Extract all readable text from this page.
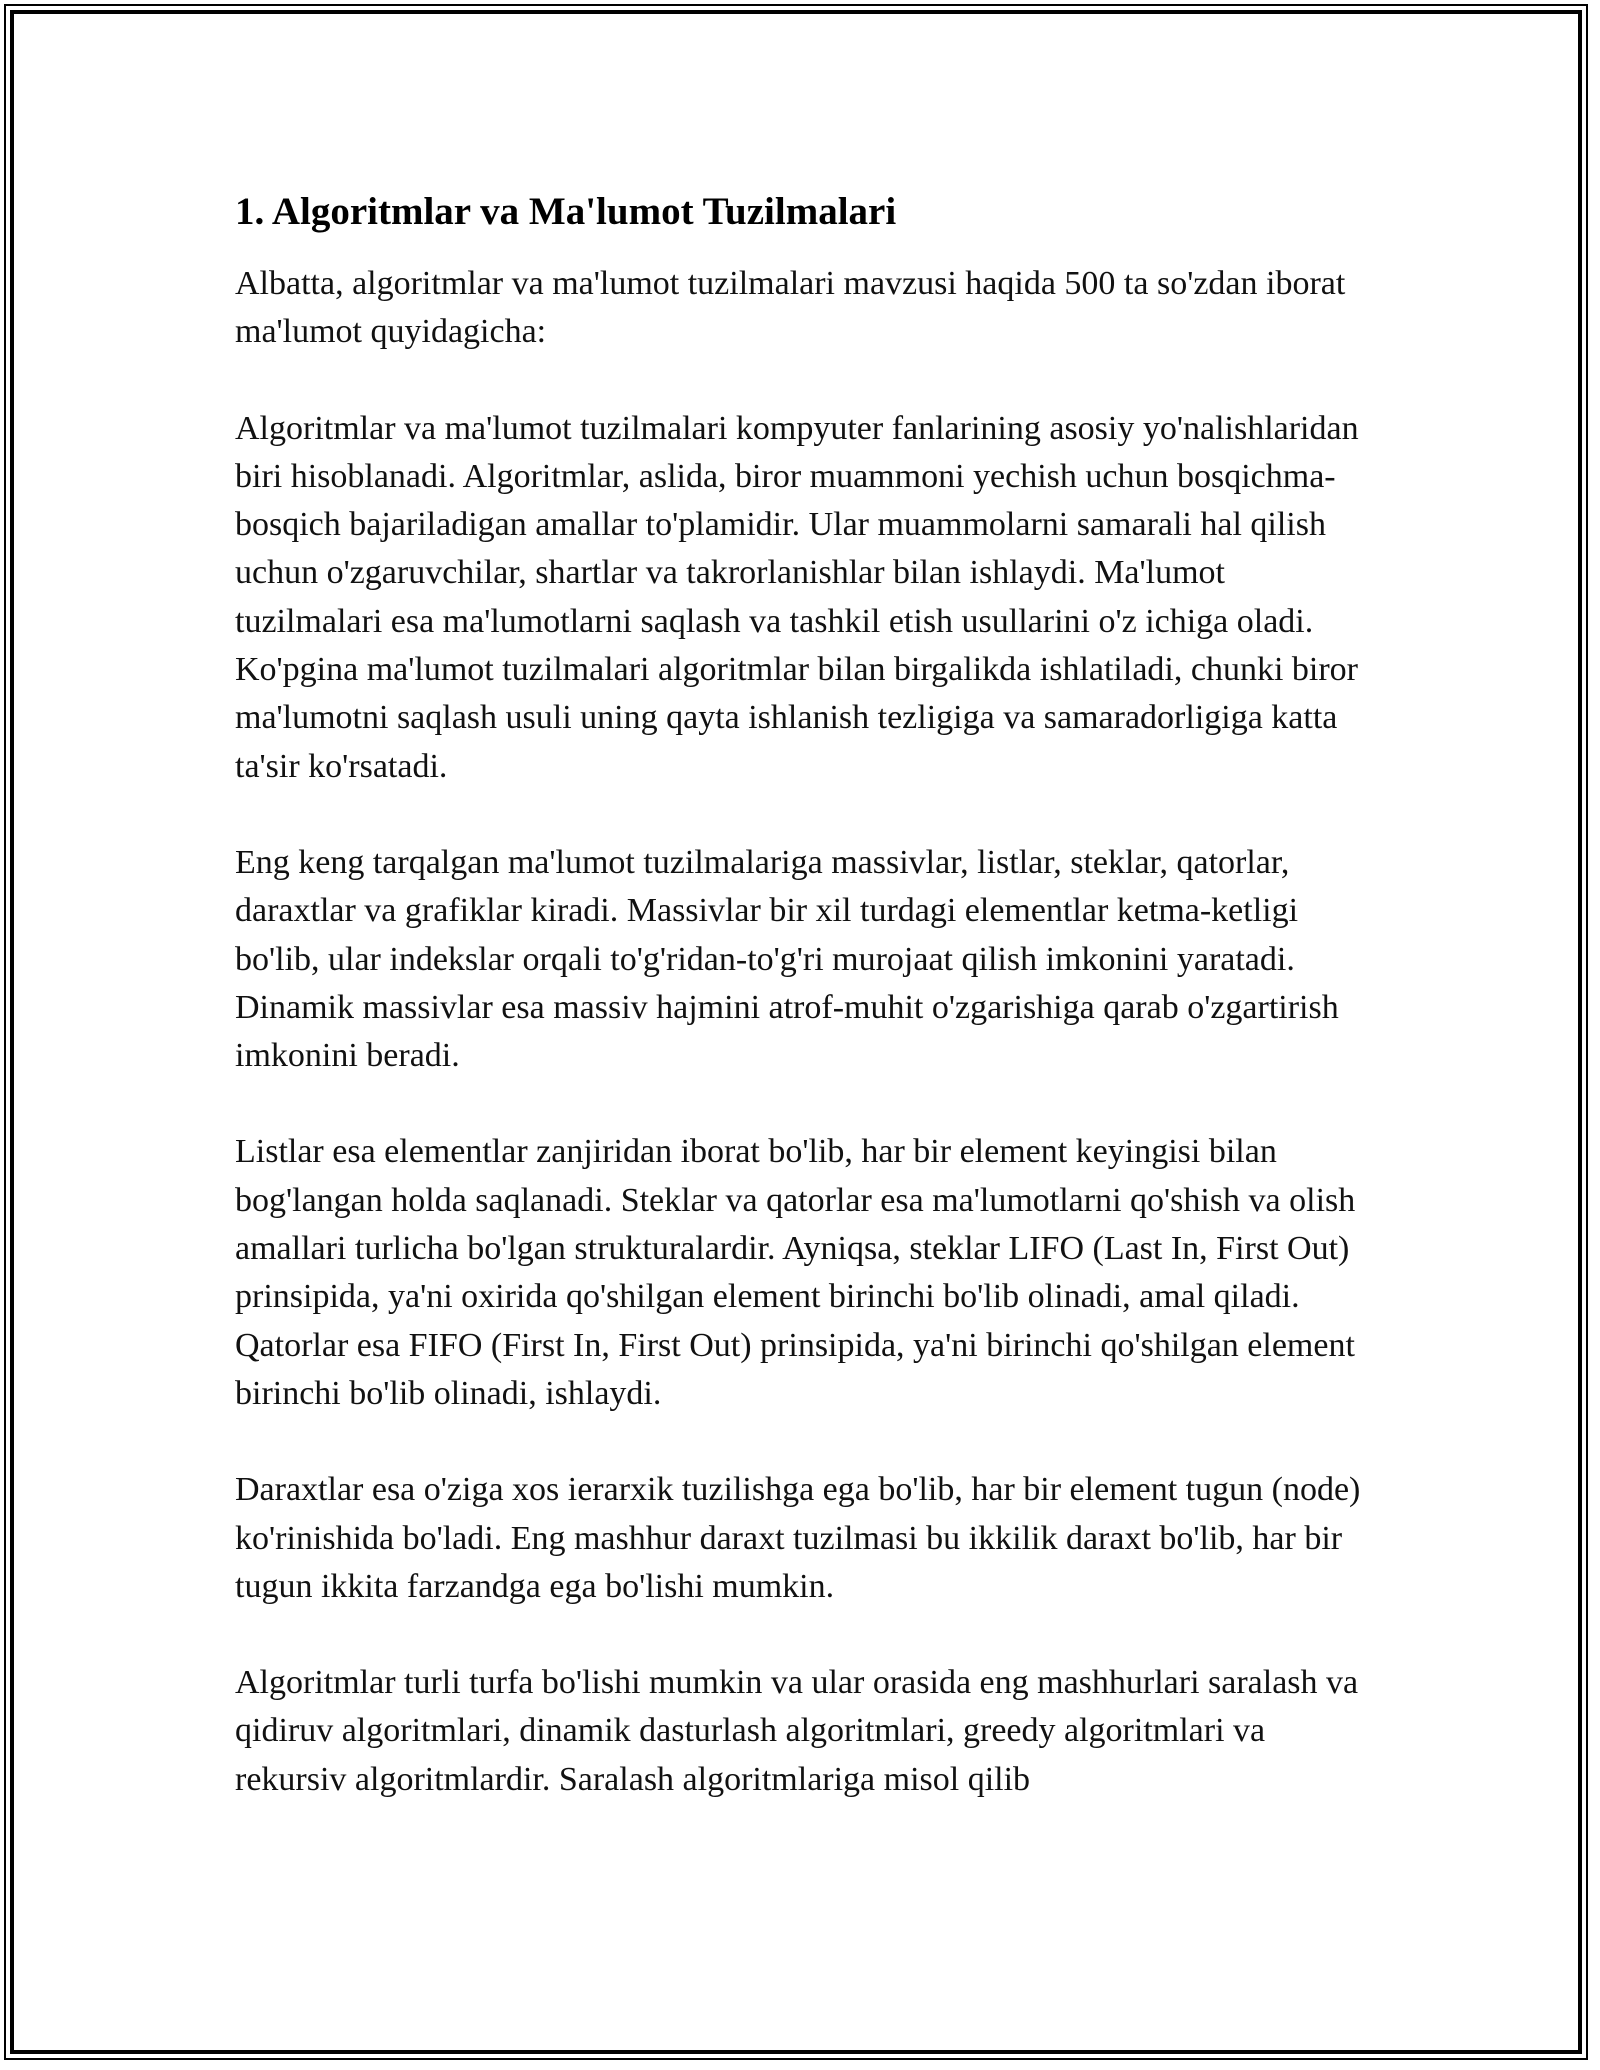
1. Algoritmlar va Ma'lumot Tuzilmalari

Albatta, algoritmlar va ma'lumot tuzilmalari mavzusi haqida 500 ta so'zdan iborat ma'lumot quyidagicha:

Algoritmlar va ma'lumot tuzilmalari kompyuter fanlarining asosiy yo'nalishlaridan biri hisoblanadi. Algoritmlar, aslida, biror muammoni yechish uchun bosqichma-bosqich bajariladigan amallar to'plamidir. Ular muammolarni samarali hal qilish uchun o'zgaruvchilar, shartlar va takrorlanishlar bilan ishlaydi. Ma'lumot tuzilmalari esa ma'lumotlarni saqlash va tashkil etish usullarini o'z ichiga oladi. Ko'pgina ma'lumot tuzilmalari algoritmlar bilan birgalikda ishlatiladi, chunki biror ma'lumotni saqlash usuli uning qayta ishlanish tezligiga va samaradorligiga katta ta'sir ko'rsatadi.

Eng keng tarqalgan ma'lumot tuzilmalariga massivlar, listlar, steklar, qatorlar, daraxtlar va grafiklar kiradi. Massivlar bir xil turdagi elementlar ketma-ketligi bo'lib, ular indekslar orqali to'g'ridan-to'g'ri murojaat qilish imkonini yaratadi. Dinamik massivlar esa massiv hajmini atrof-muhit o'zgarishiga qarab o'zgartirish imkonini beradi.

Listlar esa elementlar zanjiridan iborat bo'lib, har bir element keyingisi bilan bog'langan holda saqlanadi. Steklar va qatorlar esa ma'lumotlarni qo'shish va olish amallari turlicha bo'lgan strukturalardir. Ayniqsa, steklar LIFO (Last In, First Out) prinsipida, ya'ni oxirida qo'shilgan element birinchi bo'lib olinadi, amal qiladi. Qatorlar esa FIFO (First In, First Out) prinsipida, ya'ni birinchi qo'shilgan element birinchi bo'lib olinadi, ishlaydi.

Daraxtlar esa o'ziga xos ierarxik tuzilishga ega bo'lib, har bir element tugun (node) ko'rinishida bo'ladi. Eng mashhur daraxt tuzilmasi bu ikkilik daraxt bo'lib, har bir tugun ikkita farzandga ega bo'lishi mumkin.

Algoritmlar turli turfa bo'lishi mumkin va ular orasida eng mashhurlari saralash va qidiruv algoritmlari, dinamik dasturlash algoritmlari, greedy algoritmlari va rekursiv algoritmlardir. Saralash algoritmlariga misol qilib
